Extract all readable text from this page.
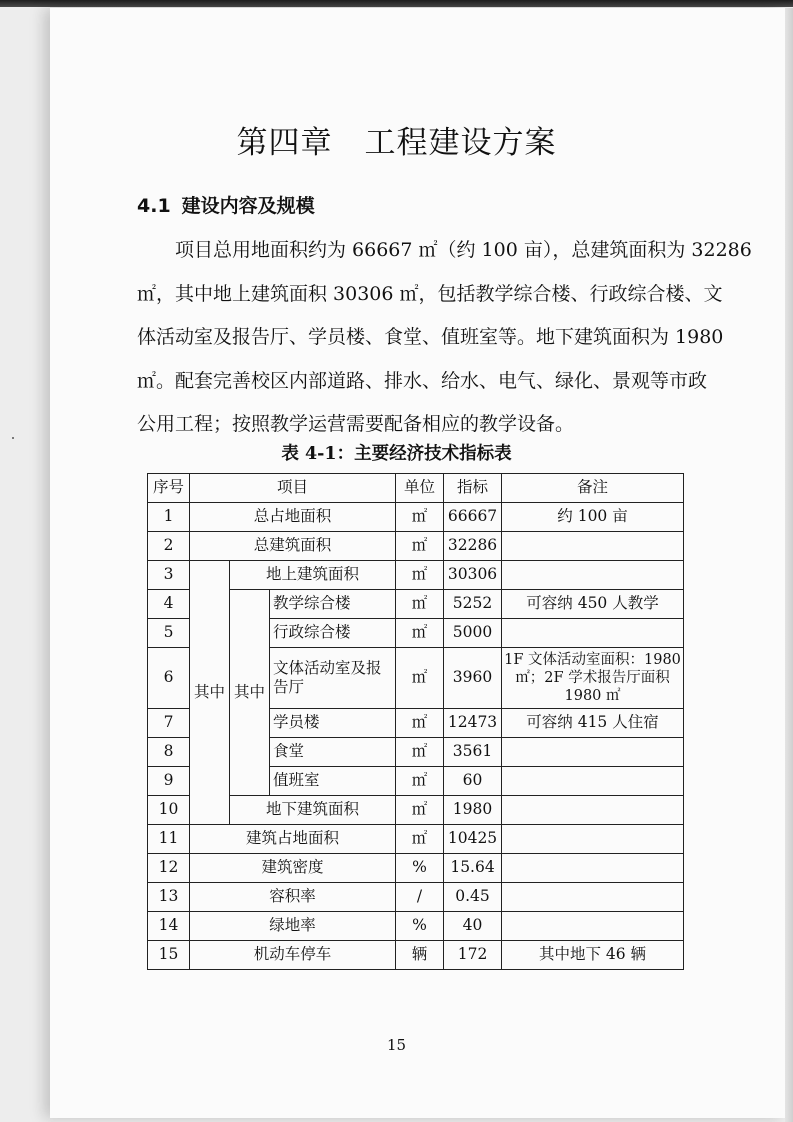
第四章　工程建设方案
4.1 建设内容及规模
项目总用地面积约为 66667 ㎡（约 100 亩），总建筑面积为 32286
㎡，其中地上建筑面积 30306 ㎡，包括教学综合楼、行政综合楼、文
体活动室及报告厅、学员楼、食堂、值班室等。地下建筑面积为 1980
㎡。配套完善校区内部道路、排水、给水、电气、绿化、景观等市政
公用工程；按照教学运营需要配备相应的教学设备。
表 4-1：主要经济技术指标表
序号	项目			单位	指标	备注
1	总占地面积			㎡	66667	约 100 亩
2	总建筑面积			㎡	32286	
3	其中	地上建筑面积		㎡	30306	
4		其中	教学综合楼	㎡	5252	可容纳 450 人教学
5			行政综合楼	㎡	5000	
6			文体活动室及报告厅	㎡	3960	1F 文体活动室面积：1980 ㎡；2F 学术报告厅面积 1980 ㎡
7			学员楼	㎡	12473	可容纳 415 人住宿
8			食堂	㎡	3561	
9			值班室	㎡	60	
10		地下建筑面积		㎡	1980	
11	建筑占地面积			㎡	10425	
12	建筑密度			%	15.64	
13	容积率			/	0.45	
14	绿地率			%	40	
15	机动车停车			辆	172	其中地下 46 辆
15
